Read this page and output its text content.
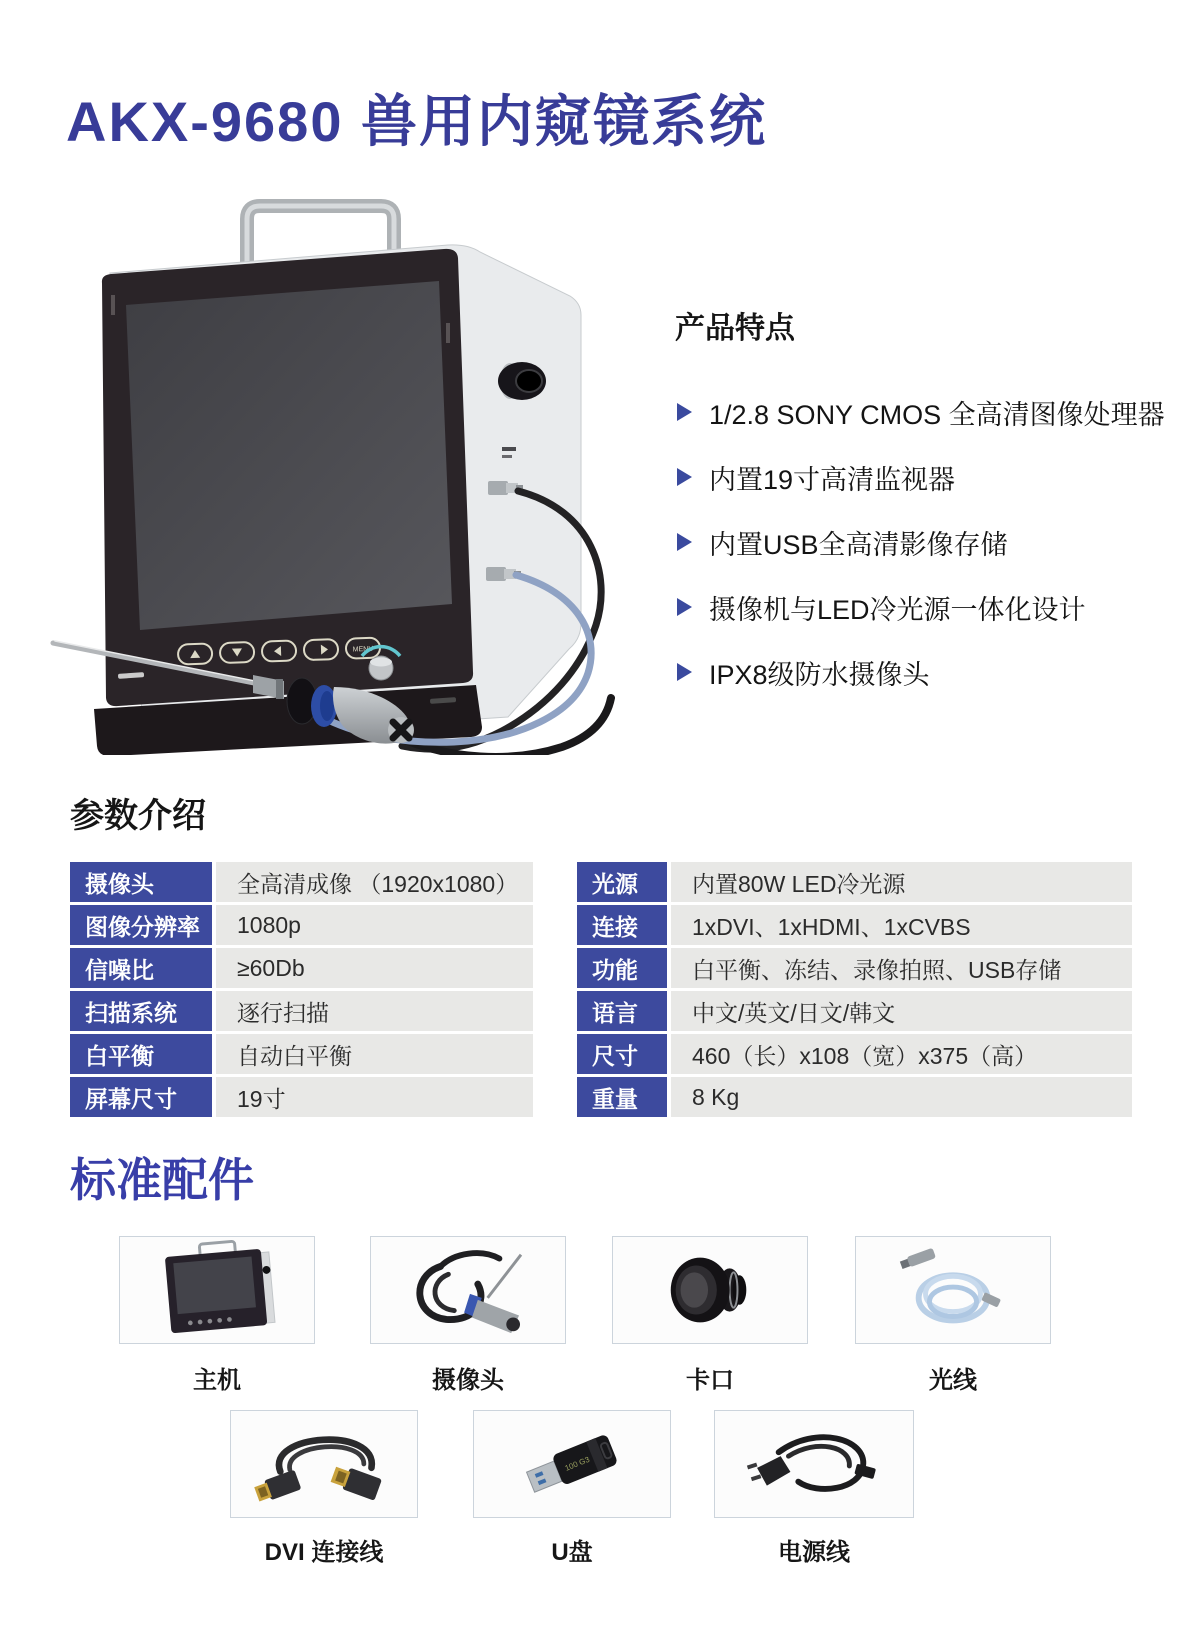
AKX-9680 兽用内窥镜系统
MENU
产品特点
1/2.8 SONY CMOS 全高清图像处理器
内置19寸高清监视器
内置USB全高清影像存储
摄像机与LED冷光源一体化设计
IPX8级防水摄像头
参数介绍
摄像头	全高清成像 （1920x1080）
图像分辨率	1080p
信噪比	≥60Db
扫描系统	逐行扫描
白平衡	自动白平衡
屏幕尺寸	19寸
光源	内置80W LED冷光源
连接	1xDVI、1xHDMI、1xCVBS
功能	白平衡、冻结、录像拍照、USB存储
语言	中文/英文/日文/韩文
尺寸	460（长）x108（宽）x375（高）
重量	8 Kg
标准配件
主机	摄像头	卡口	光线
100 G3
DVI 连接线	U盘	电源线
